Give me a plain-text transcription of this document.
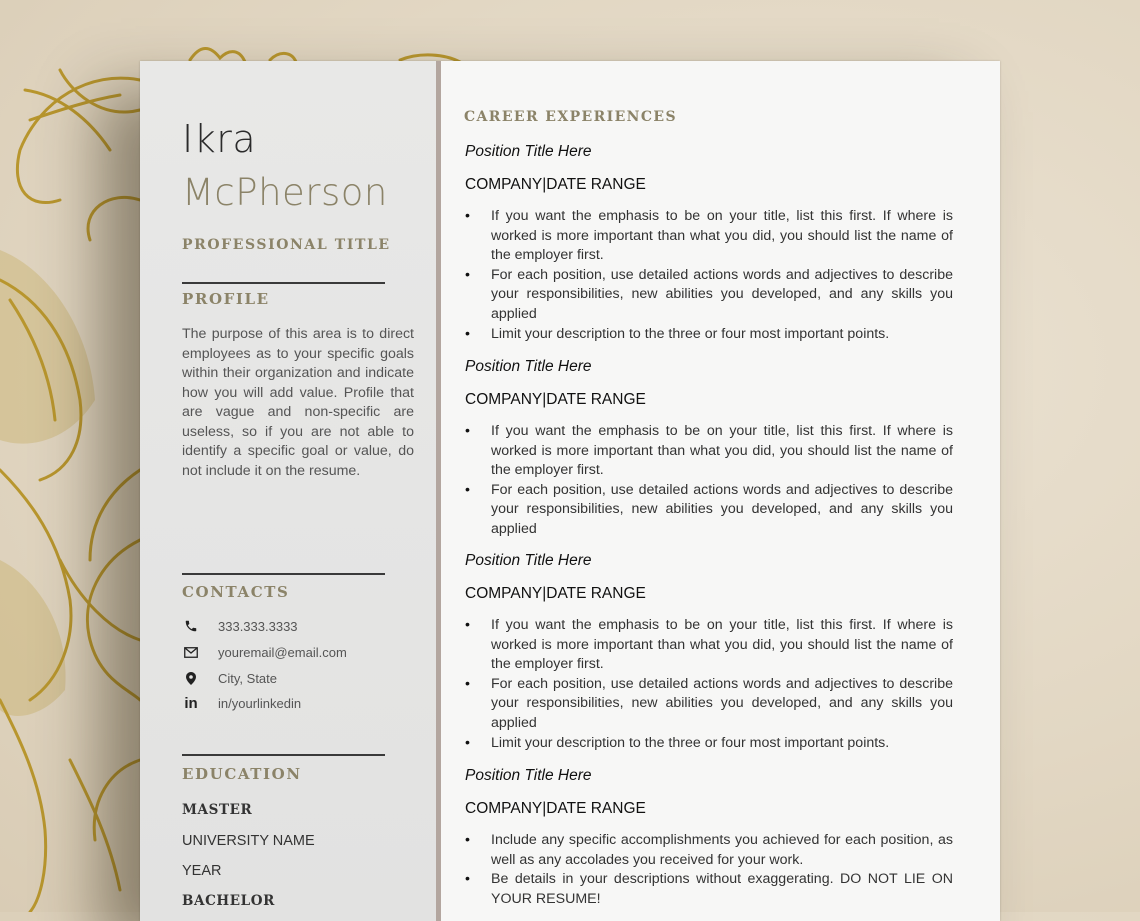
Ikra
McPherson
PROFESSIONAL TITLE
PROFILE
The purpose of this area is to direct employees as to your specific goals within their organization and indicate how you will add value. Profile that are vague and non-specific are useless, so if you are not able to identify a specific goal or value, do not include it on the resume.
CONTACTS
333.333.3333
youremail@email.com
City, State
in in/yourlinkedin
EDUCATION
MASTER
UNIVERSITY NAME
YEAR
BACHELOR
CAREER EXPERIENCES
Position Title Here
COMPANY|DATE RANGE
• If you want the emphasis to be on your title, list this first. If where is worked is more important than what you did, you should list the name of the employer first.
• For each position, use detailed actions words and adjectives to describe your responsibilities, new abilities you developed, and any skills you applied
• Limit your description to the three or four most important points.
Position Title Here
COMPANY|DATE RANGE
• If you want the emphasis to be on your title, list this first. If where is worked is more important than what you did, you should list the name of the employer first.
• For each position, use detailed actions words and adjectives to describe your responsibilities, new abilities you developed, and any skills you applied
Position Title Here
COMPANY|DATE RANGE
• If you want the emphasis to be on your title, list this first. If where is worked is more important than what you did, you should list the name of the employer first.
• For each position, use detailed actions words and adjectives to describe your responsibilities, new abilities you developed, and any skills you applied
• Limit your description to the three or four most important points.
Position Title Here
COMPANY|DATE RANGE
• Include any specific accomplishments you achieved for each position, as well as any accolades you received for your work.
• Be details in your descriptions without exaggerating. DO NOT LIE ON YOUR RESUME!
